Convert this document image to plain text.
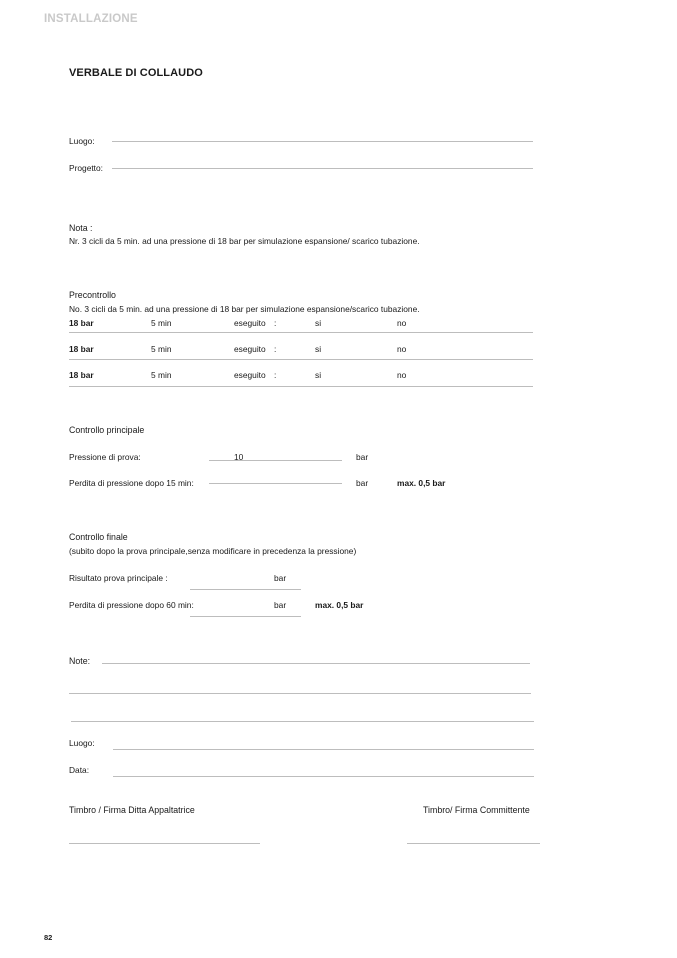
INSTALLAZIONE
VERBALE DI COLLAUDO
Luogo:
Progetto:
Nota :
Nr. 3 cicli da 5 min. ad una pressione di 18 bar per simulazione espansione/ scarico tubazione.
Precontrollo
No. 3 cicli da 5 min. ad una pressione di 18 bar per simulazione espansione/scarico tubazione.
18 bar	5 min	eseguito :	si	no
18 bar	5 min	eseguito :	si	no
18 bar	5 min	eseguito :	si	no
Controllo principale
Pressione di prova:	10	bar
Perdita di pressione dopo 15 min:	bar	max. 0,5 bar
Controllo finale
(subito dopo la prova principale,senza modificare in precedenza la pressione)
Risultato prova principale :	bar
Perdita di pressione dopo 60 min:	bar	max. 0,5 bar
Note:
Luogo:
Data:
Timbro / Firma Ditta Appaltatrice	Timbro/ Firma Committente
82
